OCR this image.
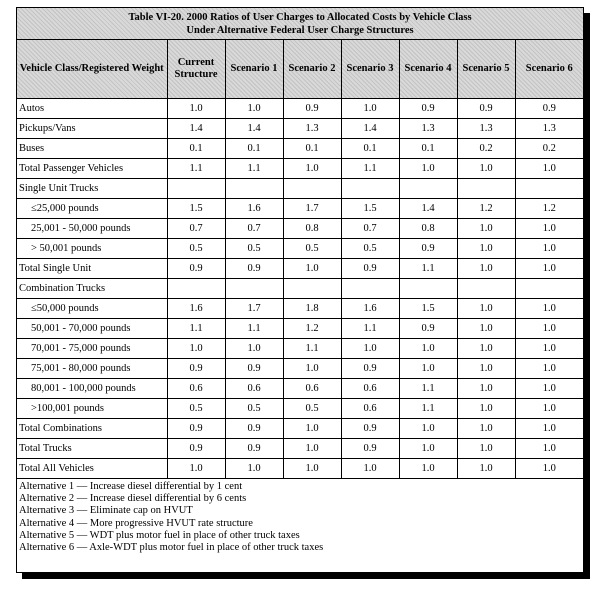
Table VI-20. 2000 Ratios of User Charges to Allocated Costs by Vehicle Class
Under Alternative Federal User Charge Structures
Vehicle Class/Registered Weight	Current Structure	Scenario 1	Scenario 2	Scenario 3	Scenario 4	Scenario 5	Scenario 6
Autos	1.0	1.0	0.9	1.0	0.9	0.9	0.9
Pickups/Vans	1.4	1.4	1.3	1.4	1.3	1.3	1.3
Buses	0.1	0.1	0.1	0.1	0.1	0.2	0.2
Total Passenger Vehicles	1.1	1.1	1.0	1.1	1.0	1.0	1.0
Single Unit Trucks							
≤25,000 pounds	1.5	1.6	1.7	1.5	1.4	1.2	1.2
25,001 - 50,000 pounds	0.7	0.7	0.8	0.7	0.8	1.0	1.0
> 50,001 pounds	0.5	0.5	0.5	0.5	0.9	1.0	1.0
Total Single Unit	0.9	0.9	1.0	0.9	1.1	1.0	1.0
Combination Trucks							
≤50,000 pounds	1.6	1.7	1.8	1.6	1.5	1.0	1.0
50,001 - 70,000 pounds	1.1	1.1	1.2	1.1	0.9	1.0	1.0
70,001 - 75,000 pounds	1.0	1.0	1.1	1.0	1.0	1.0	1.0
75,001 - 80,000 pounds	0.9	0.9	1.0	0.9	1.0	1.0	1.0
80,001 - 100,000 pounds	0.6	0.6	0.6	0.6	1.1	1.0	1.0
>100,001 pounds	0.5	0.5	0.5	0.6	1.1	1.0	1.0
Total Combinations	0.9	0.9	1.0	0.9	1.0	1.0	1.0
Total Trucks	0.9	0.9	1.0	0.9	1.0	1.0	1.0
Total All Vehicles	1.0	1.0	1.0	1.0	1.0	1.0	1.0
Alternative 1 — Increase diesel differential by 1 cent
Alternative 2 — Increase diesel differential by 6 cents
Alternative 3 — Eliminate cap on HVUT
Alternative 4 — More progressive HVUT rate structure
Alternative 5 — WDT plus motor fuel in place of other truck taxes
Alternative 6 — Axle-WDT plus motor fuel in place of other truck taxes
